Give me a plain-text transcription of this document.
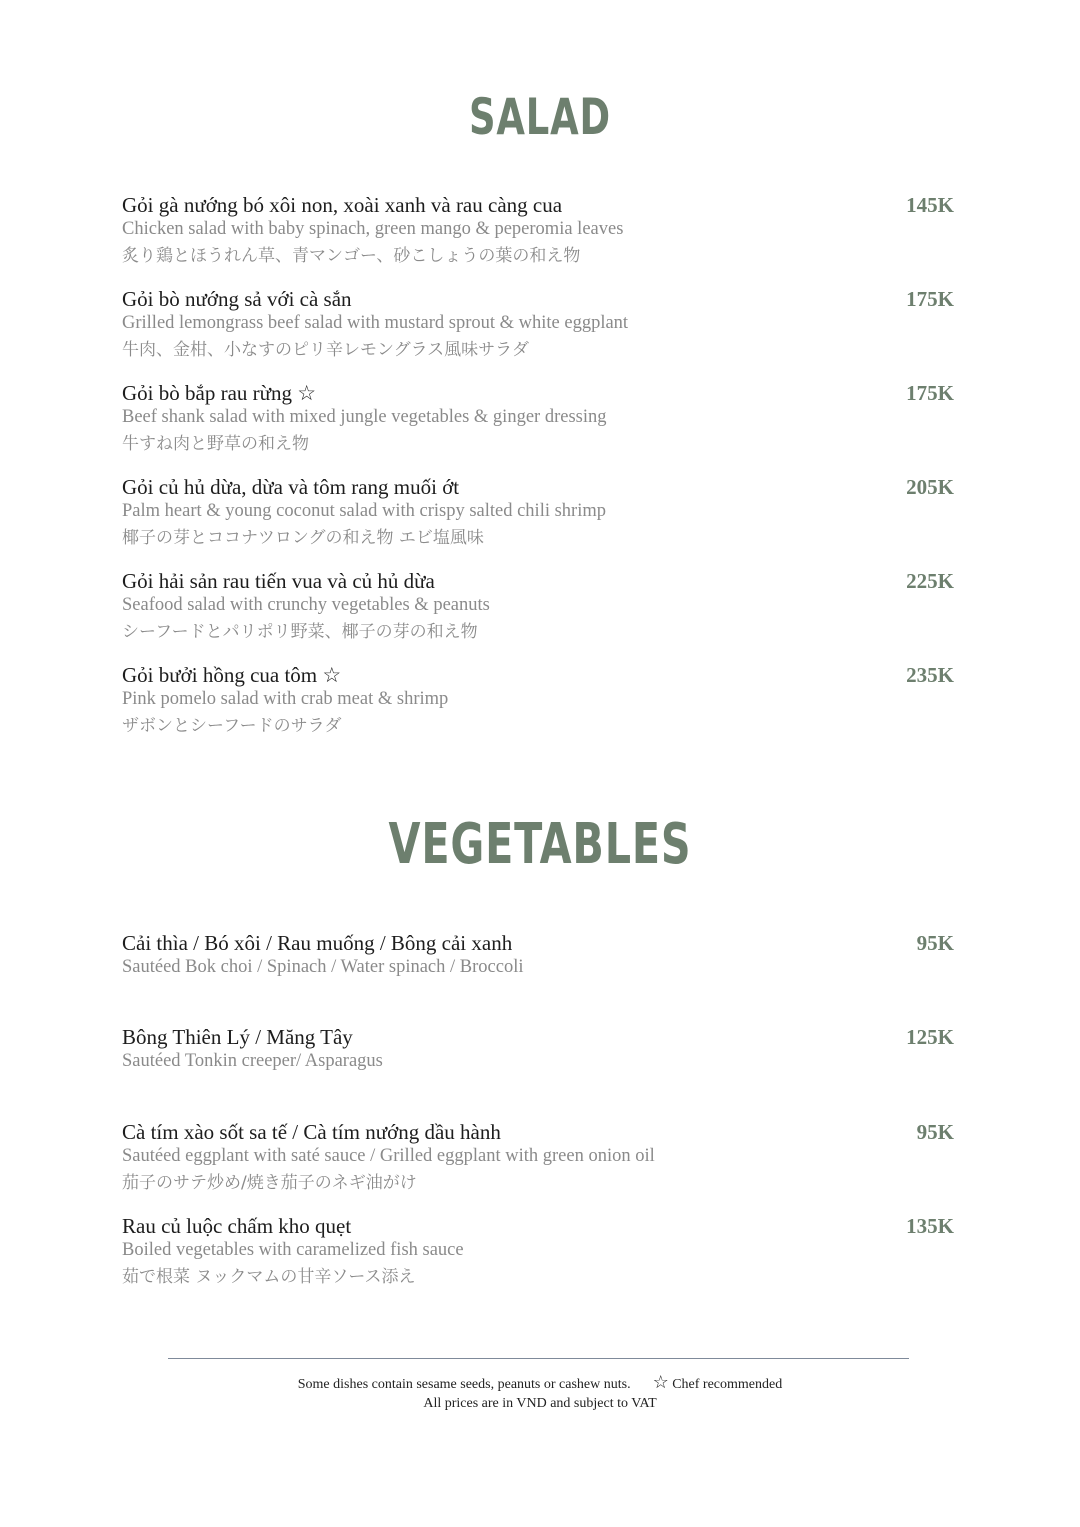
SALAD
Gỏi gà nướng bó xôi non, xoài xanh và rau càng cua	145K
Chicken salad with baby spinach, green mango & peperomia leaves
炙り鶏とほうれん草、青マンゴー、砂こしょうの葉の和え物
Gỏi bò nướng sả với cà sắn	175K
Grilled lemongrass beef salad with mustard sprout & white eggplant
牛肉、金柑、小なすのピリ辛レモングラス風味サラダ
Gỏi bò bắp rau rừng ☆	175K
Beef shank salad with mixed jungle vegetables & ginger dressing
牛すね肉と野草の和え物
Gỏi củ hủ dừa, dừa và tôm rang muối ớt	205K
Palm heart & young coconut salad with crispy salted chili shrimp
椰子の芽とココナツロングの和え物 エビ塩風味
Gỏi hải sản rau tiến vua và củ hủ dừa	225K
Seafood salad with crunchy vegetables & peanuts
シーフードとパリポリ野菜、椰子の芽の和え物
Gỏi bưởi hồng cua tôm ☆	235K
Pink pomelo salad with crab meat & shrimp
ザボンとシーフードのサラダ
VEGETABLES
Cải thìa / Bó xôi / Rau muống / Bông cải xanh	95K
Sautéed Bok choi / Spinach / Water spinach / Broccoli
Bông Thiên Lý / Măng Tây	125K
Sautéed Tonkin creeper/ Asparagus
Cà tím xào sốt sa tế / Cà tím nướng dầu hành	95K
Sautéed eggplant with saté sauce / Grilled eggplant with green onion oil
茄子のサテ炒め/焼き茄子のネギ油がけ
Rau củ luộc chấm kho quẹt	135K
Boiled vegetables with caramelized fish sauce
茹で根菜 ヌックマムの甘辛ソース添え
Some dishes contain sesame seeds, peanuts or cashew nuts. ☆ Chef recommended
All prices are in VND and subject to VAT
